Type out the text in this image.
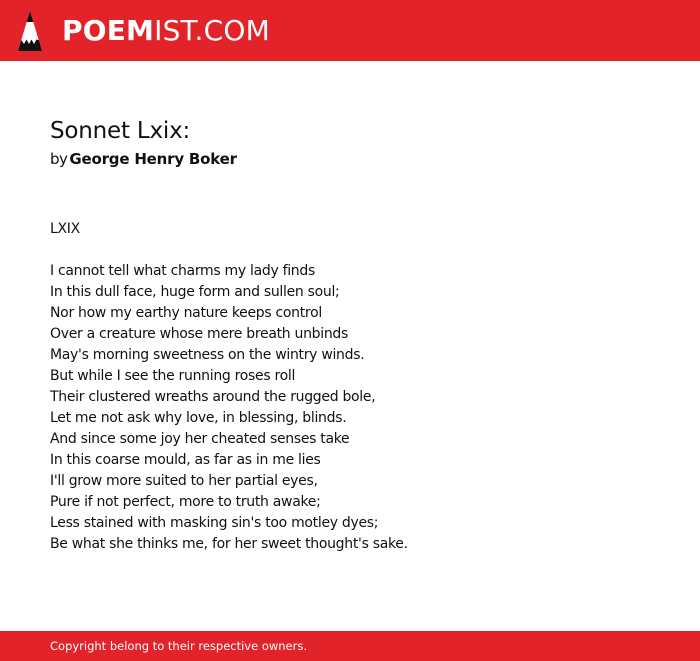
POEMIST.COM
Sonnet Lxix:
by George Henry Boker
LXIX
I cannot tell what charms my lady finds
In this dull face, huge form and sullen soul;
Nor how my earthy nature keeps control
Over a creature whose mere breath unbinds
May's morning sweetness on the wintry winds.
But while I see the running roses roll
Their clustered wreaths around the rugged bole,
Let me not ask why love, in blessing, blinds.
And since some joy her cheated senses take
In this coarse mould, as far as in me lies
I'll grow more suited to her partial eyes,
Pure if not perfect, more to truth awake;
Less stained with masking sin's too motley dyes;
Be what she thinks me, for her sweet thought's sake.
Copyright belong to their respective owners.
